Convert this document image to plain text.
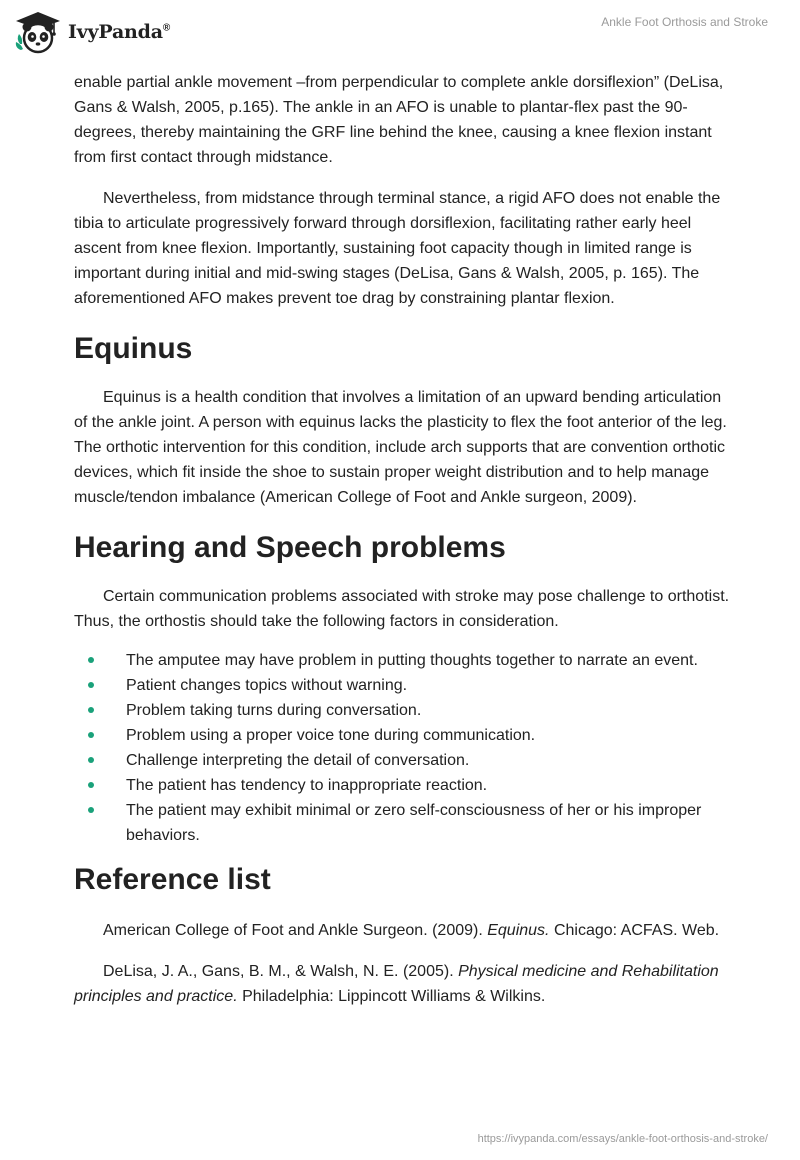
IvyPanda®	Ankle Foot Orthosis and Stroke

enable partial ankle movement –from perpendicular to complete ankle dorsiflexion” (DeLisa, Gans & Walsh, 2005, p.165). The ankle in an AFO is unable to plantar-flex past the 90-degrees, thereby maintaining the GRF line behind the knee, causing a knee flexion instant from first contact through midstance.

Nevertheless, from midstance through terminal stance, a rigid AFO does not enable the tibia to articulate progressively forward through dorsiflexion, facilitating rather early heel ascent from knee flexion. Importantly, sustaining foot capacity though in limited range is important during initial and mid-swing stages (DeLisa, Gans & Walsh, 2005, p. 165). The aforementioned AFO makes prevent toe drag by constraining plantar flexion.

Equinus

Equinus is a health condition that involves a limitation of an upward bending articulation of the ankle joint. A person with equinus lacks the plasticity to flex the foot anterior of the leg. The orthotic intervention for this condition, include arch supports that are convention orthotic devices, which fit inside the shoe to sustain proper weight distribution and to help manage muscle/tendon imbalance (American College of Foot and Ankle surgeon, 2009).

Hearing and Speech problems

Certain communication problems associated with stroke may pose challenge to orthotist. Thus, the orthostis should take the following factors in consideration.

The amputee may have problem in putting thoughts together to narrate an event.
Patient changes topics without warning.
Problem taking turns during conversation.
Problem using a proper voice tone during communication.
Challenge interpreting the detail of conversation.
The patient has tendency to inappropriate reaction.
The patient may exhibit minimal or zero self-consciousness of her or his improper behaviors.
Reference list

American College of Foot and Ankle Surgeon. (2009). Equinus. Chicago: ACFAS. Web.

DeLisa, J. A., Gans, B. M., & Walsh, N. E. (2005). Physical medicine and Rehabilitation principles and practice. Philadelphia: Lippincott Williams & Wilkins.

https://ivypanda.com/essays/ankle-foot-orthosis-and-stroke/
